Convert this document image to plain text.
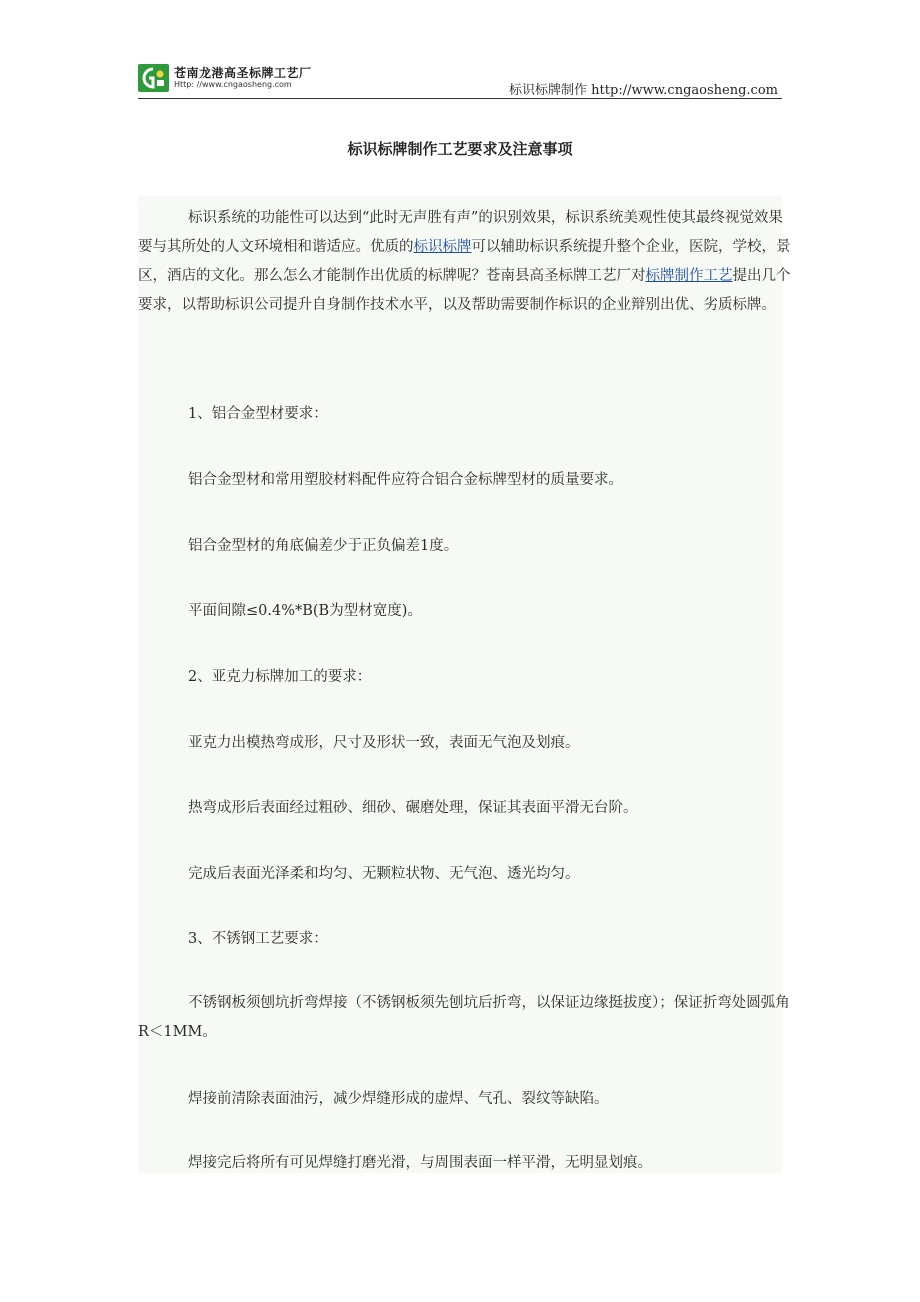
苍南龙港高圣标牌工艺厂
Http: //www.cngaosheng.com	标识标牌制作 http://www.cngaosheng.com
标识标牌制作工艺要求及注意事项

标识系统的功能性可以达到“此时无声胜有声”的识别效果，标识系统美观性使其最终视觉效果要与其所处的人文环境相和谐适应。优质的标识标牌可以辅助标识系统提升整个企业，医院，学校，景区，酒店的文化。那么怎么才能制作出优质的标牌呢？苍南县高圣标牌工艺厂对标牌制作工艺提出几个要求，以帮助标识公司提升自身制作技术水平，以及帮助需要制作标识的企业辩别出优、劣质标牌。

1、铝合金型材要求：

铝合金型材和常用塑胶材料配件应符合铝合金标牌型材的质量要求。

铝合金型材的角底偏差少于正负偏差1度。

平面间隙≤0.4%*B(B为型材宽度)。

2、亚克力标牌加工的要求：

亚克力出模热弯成形，尺寸及形状一致，表面无气泡及划痕。

热弯成形后表面经过粗砂、细砂、碾磨处理，保证其表面平滑无台阶。

完成后表面光泽柔和均匀、无颗粒状物、无气泡、透光均匀。

3、不锈钢工艺要求：

不锈钢板须刨坑折弯焊接（不锈钢板须先刨坑后折弯，以保证边缘挺拔度）；保证折弯处圆弧角R＜1MM。

焊接前清除表面油污，减少焊缝形成的虚焊、气孔、裂纹等缺陷。

焊接完后将所有可见焊缝打磨光滑，与周围表面一样平滑，无明显划痕。
